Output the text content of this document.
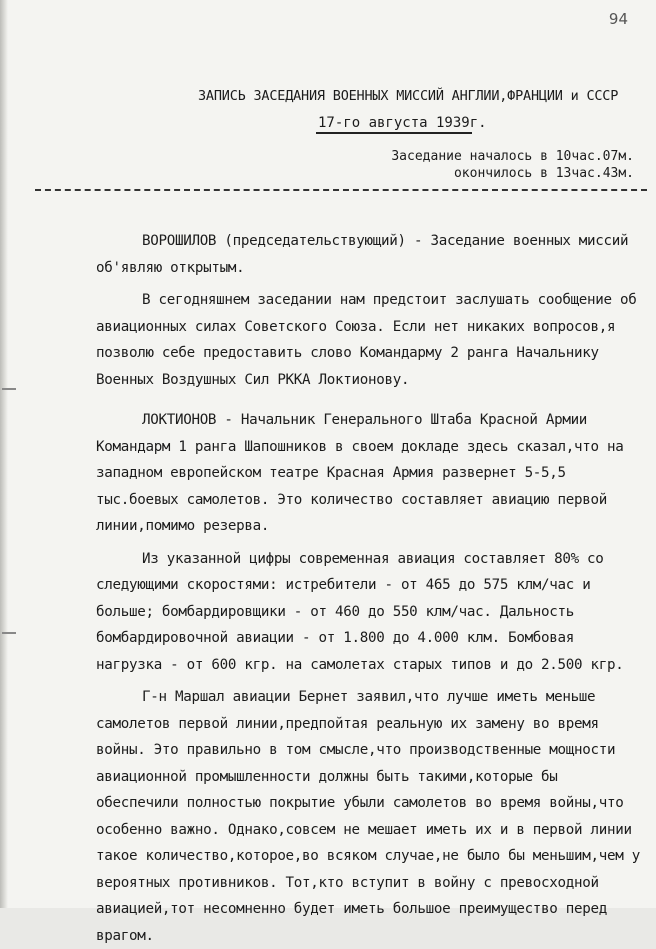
94
ЗАПИСЬ ЗАСЕДАНИЯ ВОЕННЫХ МИССИЙ АНГЛИИ,ФРАНЦИИ и СССР
17-го августа 1939г.
Заседание началось в 10час.07м.
окончилось в 13час.43м.

ВОРОШИЛОВ (председательствующий) - Заседание военных миссий об'являю открытым.

В сегодняшнем заседании нам предстоит заслушать сообщение об авиационных силах Советского Союза. Если нет никаких вопросов,я позволю себе предоставить слово Командарму 2 ранга Начальнику Военных Воздушных Сил РККА Локтионову.

ЛОКТИОНОВ - Начальник Генерального Штаба Красной Армии Командарм 1 ранга Шапошников в своем докладе здесь сказал,что на западном европейском театре Красная Армия развернет 5-5,5 тыс.боевых самолетов. Это количество составляет авиацию первой линии,помимо резерва.

Из указанной цифры современная авиация составляет 80% со следующими скоростями: истребители - от 465 до 575 клм/час и больше; бомбардировщики - от 460 до 550 клм/час. Дальность бомбардировочной авиации - от 1.800 до 4.000 клм. Бомбовая нагрузка - от 600 кгр. на самолетах старых типов и до 2.500 кгр.

Г-н Маршал авиации Бернет заявил,что лучше иметь меньше самолетов первой линии,предпойтая реальную их замену во время войны. Это правильно в том смысле,что производственные мощности авиационной промышленности должны быть такими,которые бы обеспечили полностью покрытие убыли самолетов во время войны,что особенно важно. Однако,совсем не мешает иметь их и в первой линии такое количество,которое,во всяком случае,не было бы меньшим,чем у вероятных противников. Тот,кто вступит в войну с превосходной авиацией,тот несомненно будет иметь большое преимущество перед врагом.
